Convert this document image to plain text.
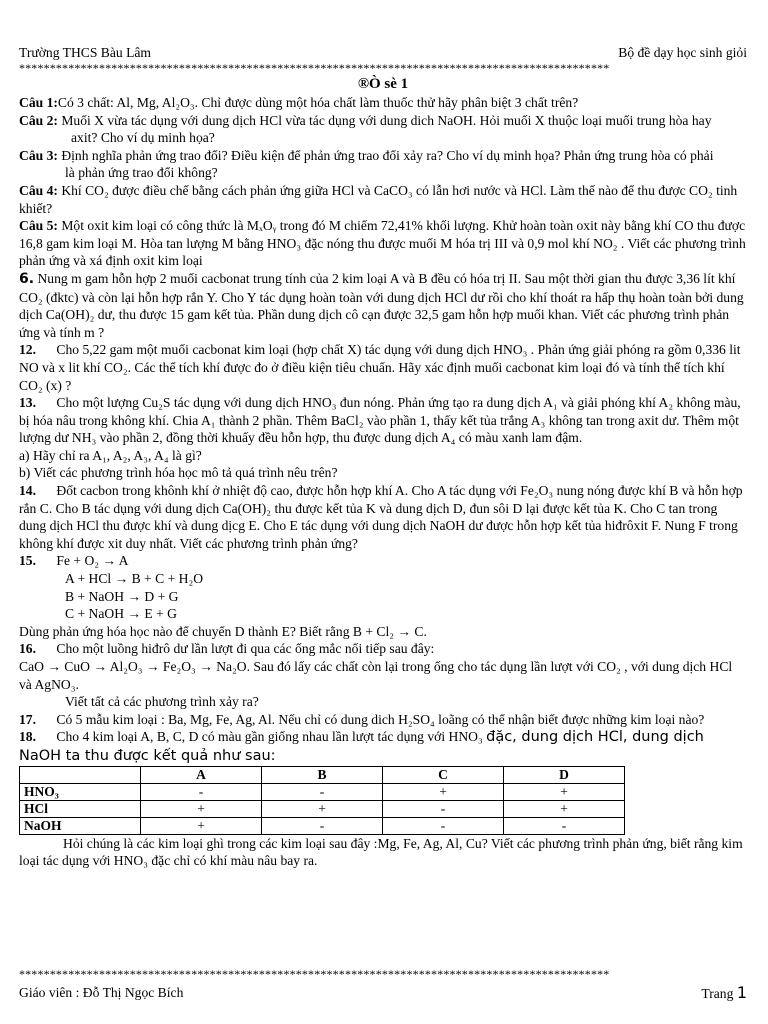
Trường THCS Bàu Lâm	Bộ đề dạy học sinh giỏi
************************************************************************************************
®Ò sè 1

Câu 1:Có 3 chất: Al, Mg, Al₂O₃. Chỉ được dùng một hóa chất làm thuốc thử hãy phân biệt 3 chất trên?

Câu 2: Muối X vừa tác dụng với dung dịch HCl vừa tác dụng với dung dich NaOH. Hỏi muối X thuộc loại muối trung hòa hay

axit? Cho ví dụ minh họa?

Câu 3: Định nghĩa phản ứng trao đổi? Điều kiện để phản ứng trao đổi xảy ra? Cho ví dụ minh họa? Phản ứng trung hòa có phải

là phản ứng trao đổi không?

Câu 4: Khí CO₂ được điều chế bằng cách phản ứng giữa HCl và CaCO₃ có lẫn hơi nước và HCl. Làm thế nào để thu được CO₂ tinh khiết?

Câu 5: Một oxit kim loại có công thức là MₓOᵧ trong đó M chiếm 72,41% khối lượng. Khử hoàn toàn oxit này bằng khí CO thu được 16,8 gam kim loại M. Hòa tan lượng M bằng HNO₃ đặc nóng thu được muối M hóa trị III và 0,9 mol khí NO₂ . Viết các phương trình phản ứng và xá định oxit kim loại

6. Nung m gam hỗn hợp 2 muối cacbonat trung tính của 2 kim loại A và B đều có hóa trị II. Sau một thời gian thu được 3,36 lít khí CO₂ (đktc) và còn lại hỗn hợp rắn Y. Cho Y tác dụng hoàn toàn với dung dịch HCl dư rồi cho khí thoát ra hấp thụ hoàn toàn bởi dung dịch Ca(OH)₂ dư, thu được 15 gam kết tủa. Phần dung dịch cô cạn được 32,5 gam hỗn hợp muối khan. Viết các phương trình phản ứng và tính m ?

12. Cho 5,22 gam một muối cacbonat kim loại (hợp chất X) tác dụng với dung dịch HNO₃ . Phản ứng giải phóng ra gồm 0,336 lit NO và x lit khí CO₂. Các thể tích khí được đo ở điều kiện tiêu chuẩn. Hãy xác định muối cacbonat kim loại đó và tính thể tích khí CO₂ (x) ?

13. Cho một lượng Cu₂S tác dụng với dung dịch HNO₃ đun nóng. Phản ứng tạo ra dung dịch A₁ và giải phóng khí A₂ không màu, bị hóa nâu trong không khí. Chia A₁ thành 2 phần. Thêm BaCl₂ vào phần 1, thấy kết tủa trắng A₃ không tan trong axit dư. Thêm một lượng dư NH₃ vào phần 2, đồng thời khuấy đều hỗn hợp, thu được dung dịch A₄ có màu xanh lam đậm.

a) Hãy chỉ ra A₁, A₂, A₃, A₄ là gì?

b) Viết các phương trình hóa học mô tả quá trình nêu trên?

14. Đốt cacbon trong khônh khí ở nhiệt độ cao, được hỗn hợp khí A. Cho A tác dụng với Fe₂O₃ nung nóng được khí B và hỗn hợp rắn C. Cho B tác dụng với dung dịch Ca(OH)₂ thu được kết tủa K và dung dịch D, đun sôi D lại được kết tủa K. Cho C tan trong dung dịch HCl thu được khí và dung dịcg E. Cho E tác dụng với dung dịch NaOH dư được hỗn hợp kết tủa hiđrôxit F. Nung F trong không khí được xit duy nhất. Viết các phương trình phản ứng?

15. Fe + O₂ → A

A + HCl → B + C + H₂O

B + NaOH → D + G

C + NaOH → E + G

Dùng phản ứng hóa học nào để chuyển D thành E? Biết rằng B + Cl₂ → C.

16. Cho một luồng hiđrô dư lần lượt đi qua các ống mắc nối tiếp sau đây:

CaO → CuO → Al₂O₃ → Fe₂O₃ → Na₂O. Sau đó lấy các chất còn lại trong ống cho tác dụng lần lượt với CO₂ , với dung dịch HCl và AgNO₃.

Viết tất cả các phương trình xảy ra?

17. Có 5 mẫu kim loại : Ba, Mg, Fe, Ag, Al. Nếu chỉ có dung dich H₂SO₄ loãng có thể nhận biết được những kim loại nào?

18. Cho 4 kim loại A, B, C, D có màu gần giống nhau lần lượt tác dụng với HNO₃ đặc, dung dịch HCl, dung dịch NaOH ta thu được kết quả như sau:

	A	B	C	D
HNO₃	-	-	+	+
HCl	+	+	-	+
NaOH	+	-	-	-

Hỏi chúng là các kim loại ghì trong các kim loại sau đây :Mg, Fe, Ag, Al, Cu? Viết các phương trình phản ứng, biết rằng kim loại tác dụng với HNO₃ đặc chỉ có khí màu nâu bay ra.

************************************************************************************************
Giáo viên : Đỗ Thị Ngọc Bích	Trang 1
